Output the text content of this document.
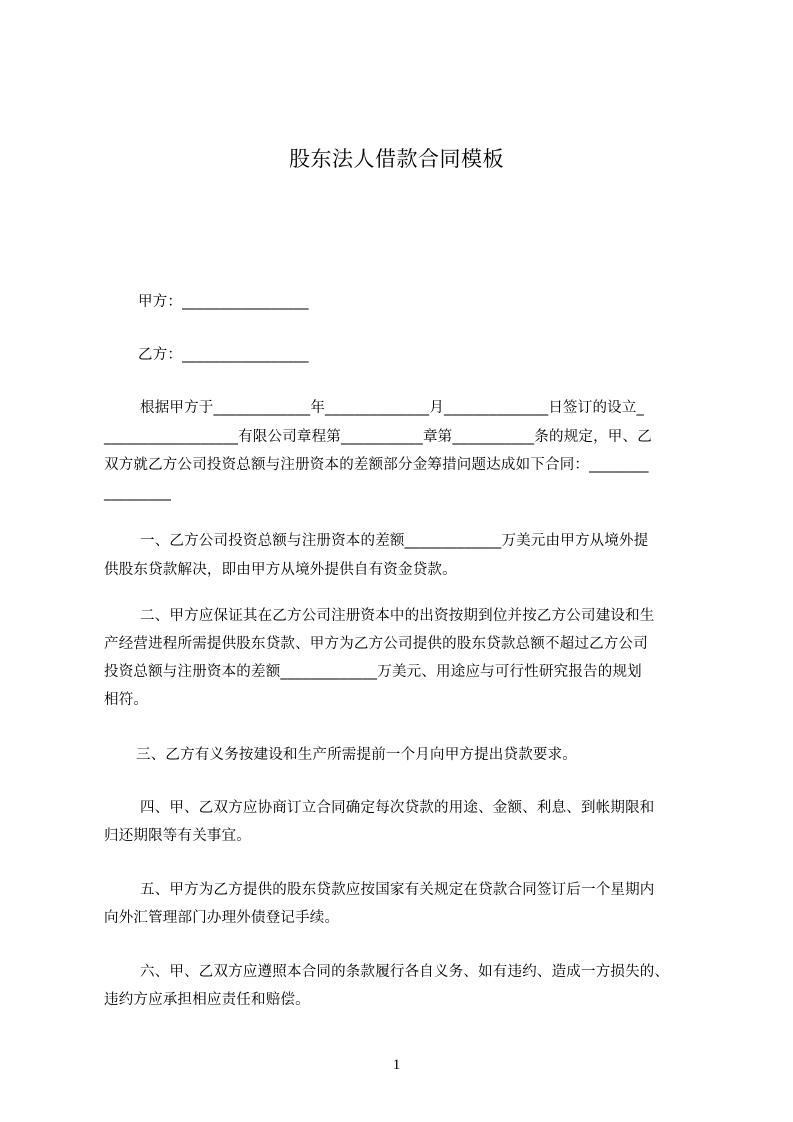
股东法人借款合同模板

甲方：_________________

乙方：_________________

根据甲方于_____________年______________月______________日签订的设立_

__________________有限公司章程第___________章第___________条的规定，甲、乙

双方就乙方公司投资总额与注册资本的差额部分金筹措问题达成如下合同：________

_________

一、乙方公司投资总额与注册资本的差额_____________万美元由甲方从境外提

供股东贷款解决，即由甲方从境外提供自有资金贷款。

二、甲方应保证其在乙方公司注册资本中的出资按期到位并按乙方公司建设和生

产经营进程所需提供股东贷款、甲方为乙方公司提供的股东贷款总额不超过乙方公司

投资总额与注册资本的差额_____________万美元、用途应与可行性研究报告的规划

相符。

三、乙方有义务按建设和生产所需提前一个月向甲方提出贷款要求。

四、甲、乙双方应协商订立合同确定每次贷款的用途、金额、利息、到帐期限和

归还期限等有关事宜。

五、甲方为乙方提供的股东贷款应按国家有关规定在贷款合同签订后一个星期内

向外汇管理部门办理外债登记手续。

六、甲、乙双方应遵照本合同的条款履行各自义务、如有违约、造成一方损失的、

违约方应承担相应责任和赔偿。

1
